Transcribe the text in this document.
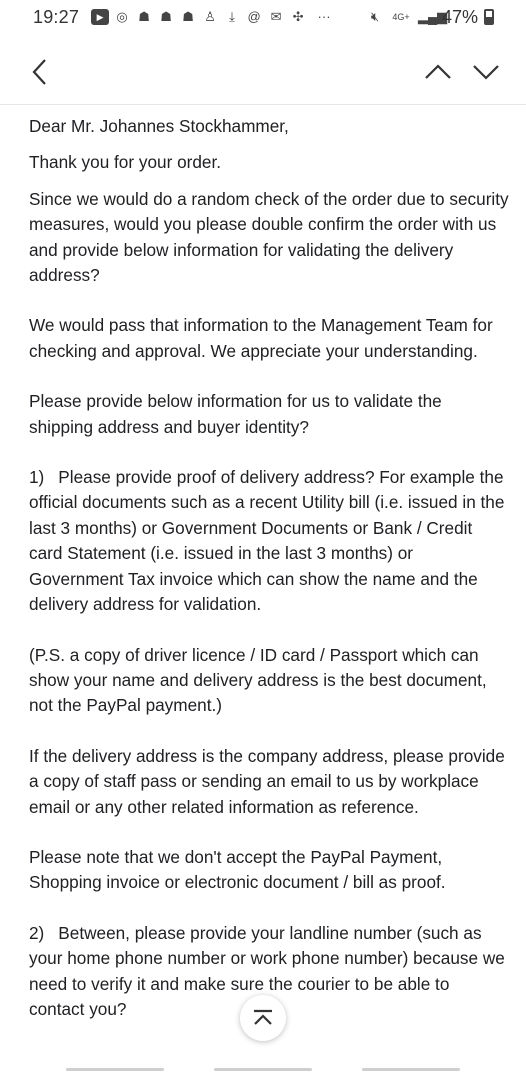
19:27	▶ ◎ ☗ ☗ ☗ ♙	⤓ @ ✉ ✣	···	🔇︎	4G+ ▂▄▆
47%

Dear Mr. Johannes Stockhammer,

Thank you for your order.

Since we would do a random check of the order due to security measures, would you please double confirm the order with us and provide below information for validating the delivery address?

We would pass that information to the Management Team for checking and approval. We appreciate your understanding.

Please provide below information for us to validate the shipping address and buyer identity?

1) Please provide proof of delivery address? For example the official documents such as a recent Utility bill (i.e. issued in the last 3 months) or Government Documents or Bank / Credit card Statement (i.e. issued in the last 3 months) or Government Tax invoice which can show the name and the delivery address for validation.

(P.S. a copy of driver licence / ID card / Passport which can show your name and delivery address is the best document, not the PayPal payment.)

If the delivery address is the company address, please provide a copy of staff pass or sending an email to us by workplace email or any other related information as reference.

Please note that we don't accept the PayPal Payment, Shopping invoice or electronic document / bill as proof.

2) Between, please provide your landline number (such as your home phone number or work phone number) because we need to verify it and make sure the courier to be able to contact you?
